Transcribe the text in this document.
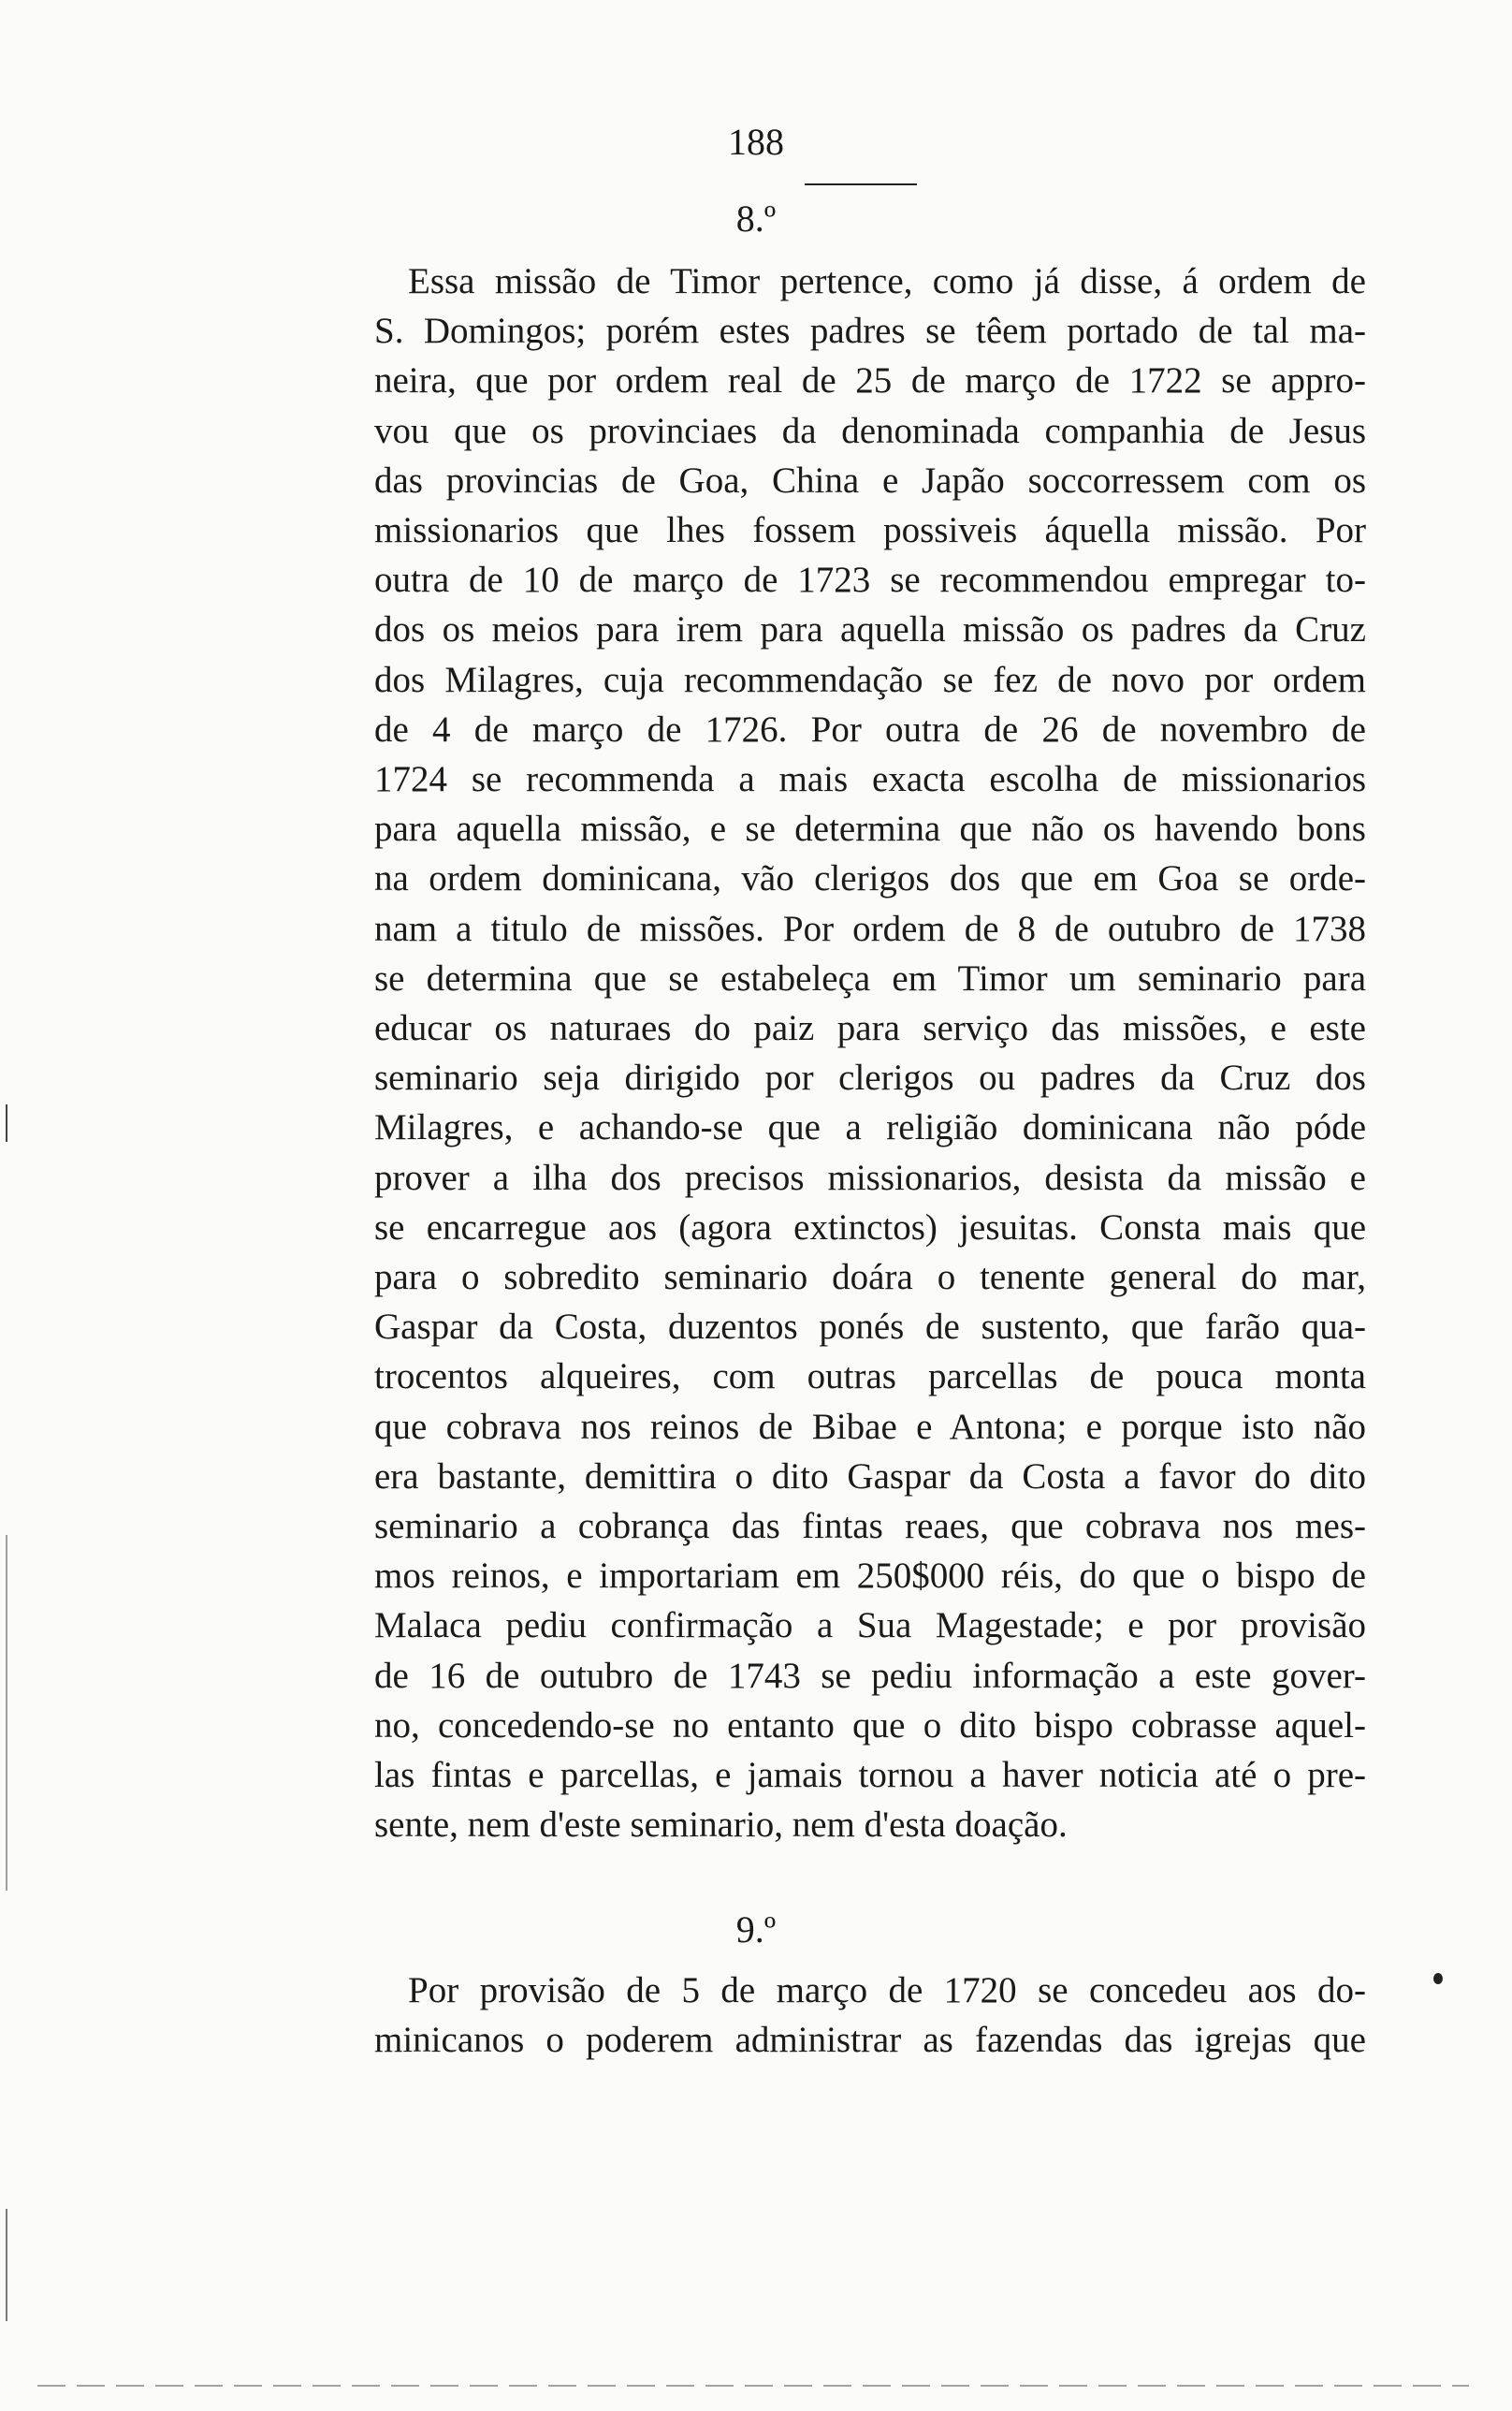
188
8.º
Essa missão de Timor pertence, como já disse, á ordem de
S. Domingos; porém estes padres se têem portado de tal ma-
neira, que por ordem real de 25 de março de 1722 se appro-
vou que os provinciaes da denominada companhia de Jesus
das provincias de Goa, China e Japão soccorressem com os
missionarios que lhes fossem possiveis áquella missão. Por
outra de 10 de março de 1723 se recommendou empregar to-
dos os meios para irem para aquella missão os padres da Cruz
dos Milagres, cuja recommendação se fez de novo por ordem
de 4 de março de 1726. Por outra de 26 de novembro de
1724 se recommenda a mais exacta escolha de missionarios
para aquella missão, e se determina que não os havendo bons
na ordem dominicana, vão clerigos dos que em Goa se orde-
nam a titulo de missões. Por ordem de 8 de outubro de 1738
se determina que se estabeleça em Timor um seminario para
educar os naturaes do paiz para serviço das missões, e este
seminario seja dirigido por clerigos ou padres da Cruz dos
Milagres, e achando-se que a religião dominicana não póde
prover a ilha dos precisos missionarios, desista da missão e
se encarregue aos (agora extinctos) jesuitas. Consta mais que
para o sobredito seminario doára o tenente general do mar,
Gaspar da Costa, duzentos ponés de sustento, que farão qua-
trocentos alqueires, com outras parcellas de pouca monta
que cobrava nos reinos de Bibae e Antona; e porque isto não
era bastante, demittira o dito Gaspar da Costa a favor do dito
seminario a cobrança das fintas reaes, que cobrava nos mes-
mos reinos, e importariam em 250$000 réis, do que o bispo de
Malaca pediu confirmação a Sua Magestade; e por provisão
de 16 de outubro de 1743 se pediu informação a este gover-
no, concedendo-se no entanto que o dito bispo cobrasse aquel-
las fintas e parcellas, e jamais tornou a haver noticia até o pre-
sente, nem d'este seminario, nem d'esta doação.
9.º
Por provisão de 5 de março de 1720 se concedeu aos do-
minicanos o poderem administrar as fazendas das igrejas que
